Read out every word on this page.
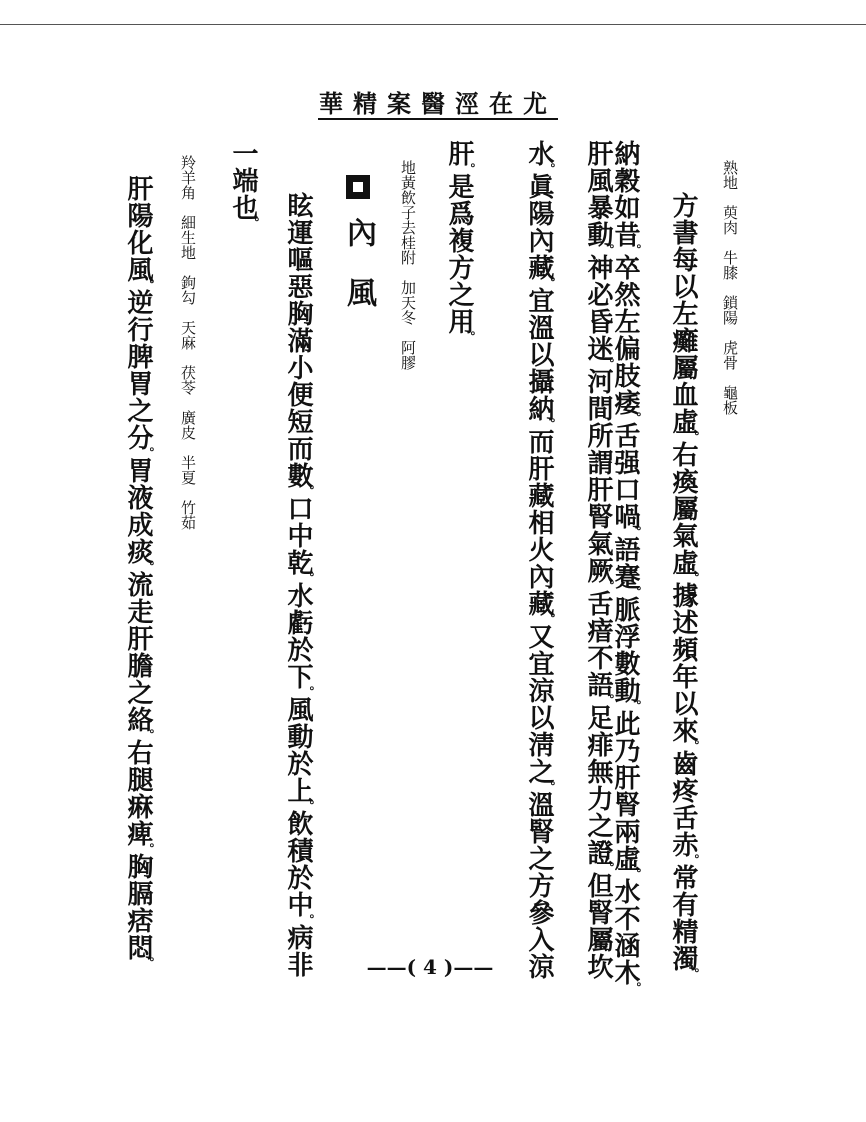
尤在涇醫案精華
熟地　萸肉　牛膝　鎖陽　虎骨　龜板
方書每以左癱屬血虛。右瘓屬氣虛。據述頻年以來。齒疼舌赤。常有精濁。
納穀如昔。卒然左偏肢痿。舌强口喎。語蹇。脈浮數動。此乃肝腎兩虛。水不涵木。
肝風暴動。神必昏迷。河間所謂肝腎氣厥。舌瘖不語。足痱無力之證。但腎屬坎
水。眞陽內藏。宜溫以攝納。而肝藏相火內藏。又宜涼以淸之。溫腎之方參入涼
肝。是爲複方之用。
地黃飲子去桂附　加天冬　阿膠
內　風
眩運嘔惡胸滿小便短而數。口中乾。水虧於下。風動於上。飲積於中。病非
一端也。
羚羊角　細生地　鉤勾　天麻　茯苓　廣皮　半夏　竹茹
肝陽化風。逆行脾胃之分。胃液成痰。流走肝膽之絡。右腿痳痺。胸膈痞悶。	——( 4 )——
